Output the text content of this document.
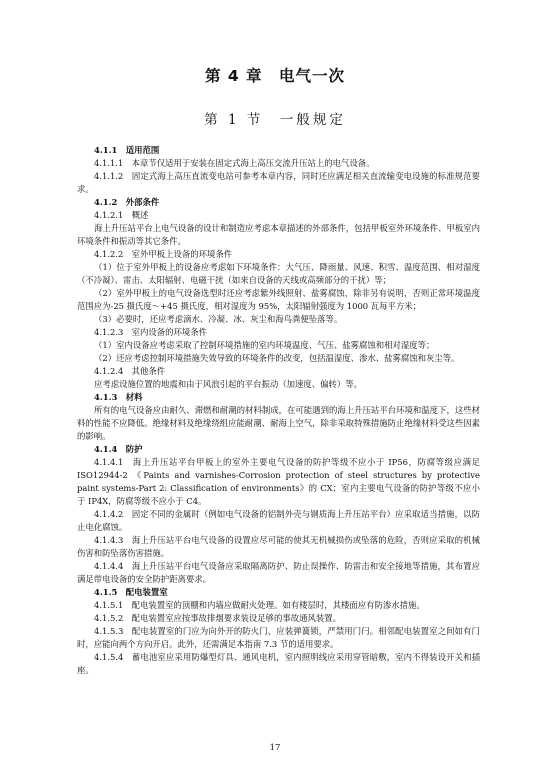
第 4 章　电气一次
第 1 节　一般规定

4.1.1　适用范围

4.1.1.1　本章节仅适用于安装在固定式海上高压交流升压站上的电气设备。

4.1.1.2　固定式海上高压直流变电站可参考本章内容，同时还应满足相关直流输变电设施的标准规范要求。

4.1.2　外部条件

4.1.2.1　概述

海上升压站平台上电气设备的设计和制造应考虑本章描述的外部条件，包括甲板室外环境条件、甲板室内环境条件和振动等其它条件。

4.1.2.2　室外甲板上设备的环境条件

（1）位于室外甲板上的设备应考虑如下环境条件：大气压、降雨量、风速、积雪、温度范围、相对湿度（不冷凝）、雷击、太阳辐射、电磁干扰（如来自设备的天线或高频部分的干扰）等；

（2）室外甲板上的电气设备选型时还应考虑紫外线照射、盐雾腐蚀，除非另有说明，否则正常环境温度范围应为-25 摄氏度～+45 摄氏度，相对湿度为 95%，太阳辐射强度为 1000 瓦每平方米；

（3）必要时，还应考虑滴水、冷凝、冰、灰尘和海鸟粪便坠落等。

4.1.2.3　室内设备的环境条件

（1）室内设备应考虑采取了控制环境措施的室内环境温度、气压、盐雾腐蚀和相对湿度等；

（2）还应考虑控制环境措施失效导致的环境条件的改变，包括温湿度、渗水、盐雾腐蚀和灰尘等。

4.1.2.4　其他条件

应考虑设施位置的地震和由于风浪引起的平台振动（加速度、偏转）等。

4.1.3　材料

所有的电气设备应由耐久、滞燃和耐潮的材料制成，在可能遇到的海上升压站平台环境和温度下，这些材料的性能不应降低。绝缘材料及绝缘绕组应能耐潮、耐海上空气，除非采取特殊措施防止绝缘材料受这些因素的影响。

4.1.4　防护

4.1.4.1　海上升压站平台甲板上的室外主要电气设备的防护等级不应小于 IP56，防腐等级应满足 ISO12944-2 《Paints and varnishes-Corrosion protection of steel structures by protective paint systems-Part 2: Classification of environments》的 CX；室内主要电气设备的防护等级不应小于 IP4X，防腐等级不应小于 C4。

4.1.4.2　固定不同的金属时（例如电气设备的铝制外壳与钢质海上升压站平台）应采取适当措施，以防止电化腐蚀。

4.1.4.3　海上升压站平台电气设备的设置应尽可能的使其无机械损伤或坠落的危险，否则应采取的机械伤害和防坠落伤害措施。

4.1.4.4　海上升压站平台电气设备应采取隔离防护、防止误操作、防雷击和安全接地等措施，其布置应满足带电设备的安全防护距离要求。

4.1.5　配电装置室

4.1.5.1　配电装置室的顶棚和内墙应做耐火处理。如有楼层时，其楼面应有防渗水措施。

4.1.5.2　配电装置室应按事故排烟要求装设足够的事故通风装置。

4.1.5.3　配电装置室的门应为向外开的防火门，应装弹簧锁，严禁用门闩。相邻配电装置室之间如有门时，应能向两个方向开启。此外，还需满足本指南 7.3 节的适用要求。

4.1.5.4　蓄电池室应采用防爆型灯具、通风电机，室内照明线应采用穿管暗敷，室内不得装设开关和插座。

17
